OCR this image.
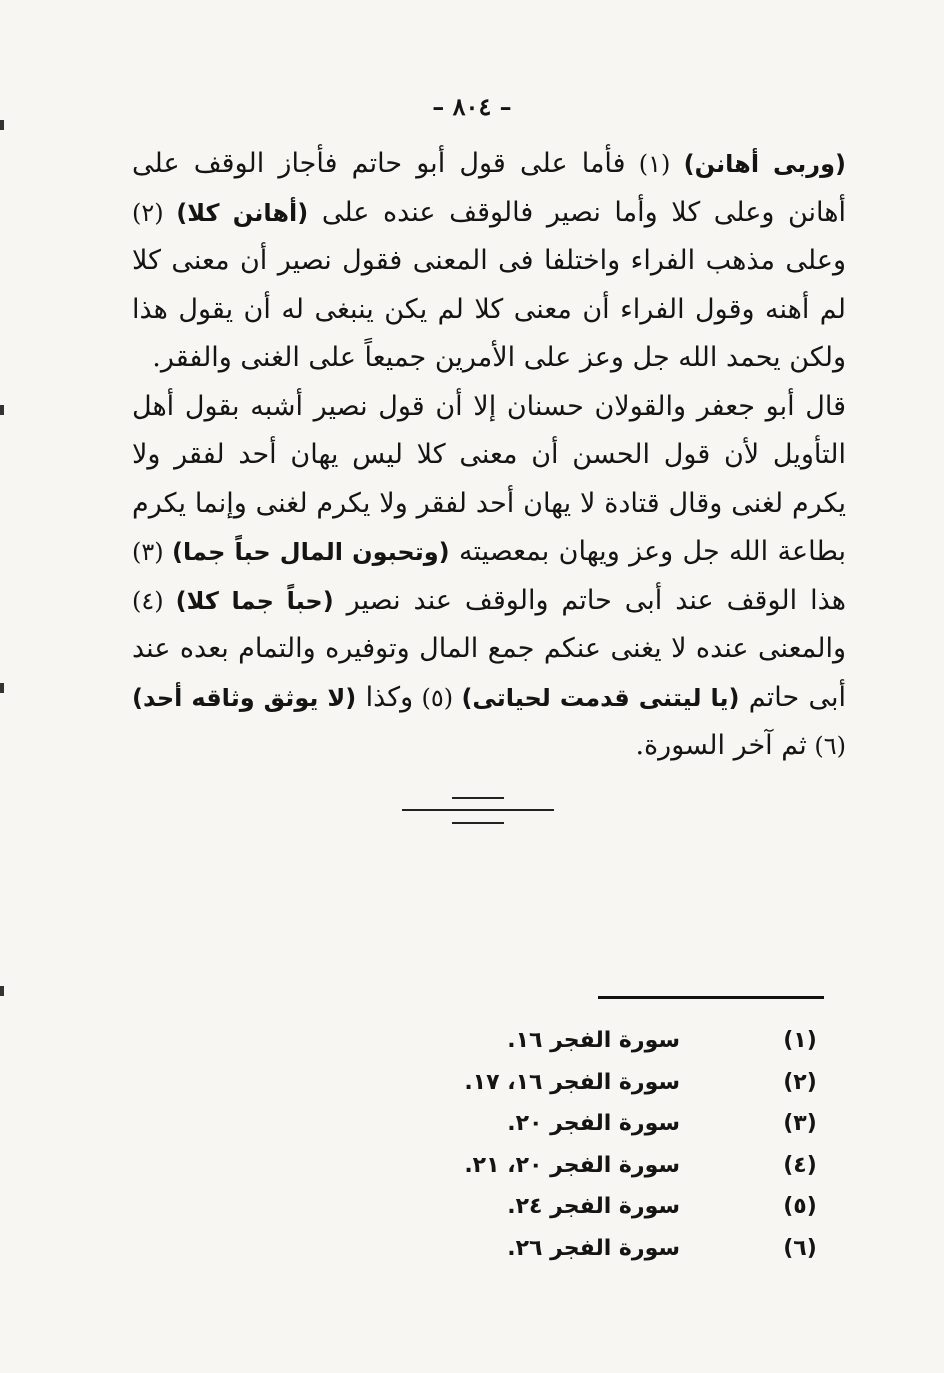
– ٨٠٤ –

(وربى أهانن) (١) فأما على قول أبو حاتم فأجاز الوقف على أهانن وعلى كلا وأما نصير فالوقف عنده على (أهانن كلا) (٢) وعلى مذهب الفراء واختلفا فى المعنى فقول نصير أن معنى كلا لم أهنه وقول الفراء أن معنى كلا لم يكن ينبغى له أن يقول هذا ولكن يحمد الله جل وعز على الأمرين جميعاً على الغنى والفقر.

قال أبو جعفر والقولان حسنان إلا أن قول نصير أشبه بقول أهل التأويل لأن قول الحسن أن معنى كلا ليس يهان أحد لفقر ولا يكرم لغنى وقال قتادة لا يهان أحد لفقر ولا يكرم لغنى وإنما يكرم بطاعة الله جل وعز ويهان بمعصيته (وتحبون المال حباً جما) (٣) هذا الوقف عند أبى حاتم والوقف عند نصير (حباً جما كلا) (٤) والمعنى عنده لا يغنى عنكم جمع المال وتوفيره والتمام بعده عند أبى حاتم (يا ليتنى قدمت لحياتى) (٥) وكذا (لا يوثق وثاقه أحد) (٦) ثم آخر السورة.

(١)
سورة الفجر ١٦.
(٢)
سورة الفجر ١٦، ١٧.
(٣)
سورة الفجر ٢٠.
(٤)
سورة الفجر ٢٠، ٢١.
(٥)
سورة الفجر ٢٤.
(٦)
سورة الفجر ٢٦.
